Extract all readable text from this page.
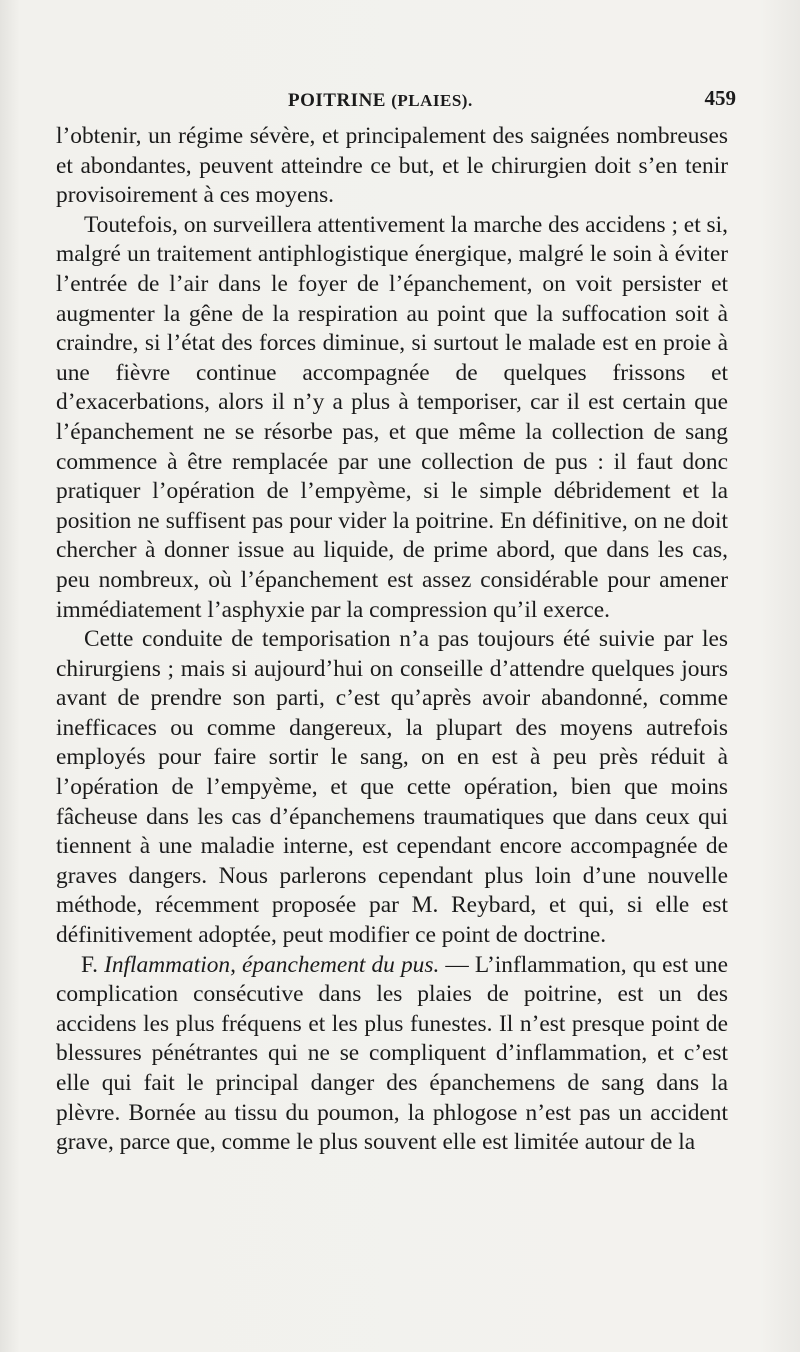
POITRINE (PLAIES).	459

l’obtenir, un régime sévère, et principalement des saignées nombreuses et abondantes, peuvent atteindre ce but, et le chirurgien doit s’en tenir provisoirement à ces moyens.

Toutefois, on surveillera attentivement la marche des accidens ; et si, malgré un traitement antiphlogistique énergique, malgré le soin à éviter l’entrée de l’air dans le foyer de l’épanchement, on voit persister et augmenter la gêne de la respiration au point que la suffocation soit à craindre, si l’état des forces diminue, si surtout le malade est en proie à une fièvre continue accompagnée de quelques frissons et d’exacerbations, alors il n’y a plus à temporiser, car il est certain que l’épanchement ne se résorbe pas, et que même la collection de sang commence à être remplacée par une collection de pus : il faut donc pratiquer l’opération de l’empyème, si le simple débridement et la position ne suffisent pas pour vider la poitrine. En définitive, on ne doit chercher à donner issue au liquide, de prime abord, que dans les cas, peu nombreux, où l’épanchement est assez considérable pour amener immédiatement l’asphyxie par la compression qu’il exerce.

Cette conduite de temporisation n’a pas toujours été suivie par les chirurgiens ; mais si aujourd’hui on conseille d’attendre quelques jours avant de prendre son parti, c’est qu’après avoir abandonné, comme inefficaces ou comme dangereux, la plupart des moyens autrefois employés pour faire sortir le sang, on en est à peu près réduit à l’opération de l’empyème, et que cette opération, bien que moins fâcheuse dans les cas d’épanchemens traumatiques que dans ceux qui tiennent à une maladie interne, est cependant encore accompagnée de graves dangers. Nous parlerons cependant plus loin d’une nouvelle méthode, récemment proposée par M. Reybard, et qui, si elle est définitivement adoptée, peut modifier ce point de doctrine.

F. Inflammation, épanchement du pus. — L’inflammation, qu est une complication consécutive dans les plaies de poitrine, est un des accidens les plus fréquens et les plus funestes. Il n’est presque point de blessures pénétrantes qui ne se compliquent d’inflammation, et c’est elle qui fait le principal danger des épanchemens de sang dans la plèvre. Bornée au tissu du poumon, la phlogose n’est pas un accident grave, parce que, comme le plus souvent elle est limitée autour de la
